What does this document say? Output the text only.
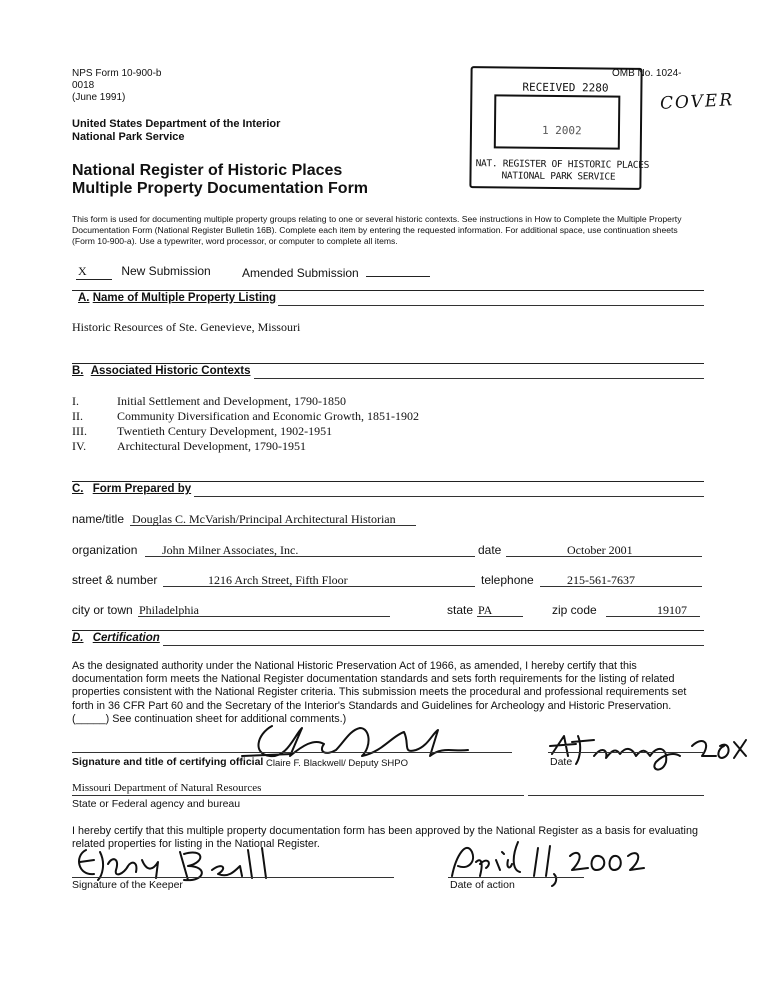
NPS Form 10-900-b
0018
(June 1991)
OMB No. 1024-
United States Department of the Interior
National Park Service
National Register of Historic Places
Multiple Property Documentation Form
COVER
RECEIVED 2280
1 2002
NAT. REGISTER OF HISTORIC PLACES
NATIONAL PARK SERVICE
This form is used for documenting multiple property groups relating to one or several historic contexts. See instructions in How to Complete the Multiple Property Documentation Form (National Register Bulletin 16B). Complete each item by entering the requested information. For additional space, use continuation sheets (Form 10-900-a). Use a typewriter, word processor, or computer to complete all items.
X	New Submission	Amended Submission
A. Name of Multiple Property Listing
Historic Resources of Ste. Genevieve, Missouri
B. Associated Historic Contexts
I.	Initial Settlement and Development, 1790-1850
II.	Community Diversification and Economic Growth, 1851-1902
III.	Twentieth Century Development, 1902-1951
IV.	Architectural Development, 1790-1951
C. Form Prepared by
name/title Douglas C. McVarish/Principal Architectural Historian
organization John Milner Associates, Inc.	date	October 2001
street & number	1216 Arch Street, Fifth Floor	telephone	215-561-7637
city or town Philadelphia	state PA	zip code	19107
D. Certification
As the designated authority under the National Historic Preservation Act of 1966, as amended, I hereby certify that this documentation form meets the National Register documentation standards and sets forth requirements for the listing of related properties consistent with the National Register criteria. This submission meets the procedural and professional requirements set forth in 36 CFR Part 60 and the Secretary of the Interior's Standards and Guidelines for Archeology and Historic Preservation. (_____) See continuation sheet for additional comments.)
Signature and title of certifying official Claire F. Blackwell/ Deputy SHPO	Date
Missouri Department of Natural Resources
State or Federal agency and bureau
I hereby certify that this multiple property documentation form has been approved by the National Register as a basis for evaluating related properties for listing in the National Register.
Signature of the Keeper	Date of action
